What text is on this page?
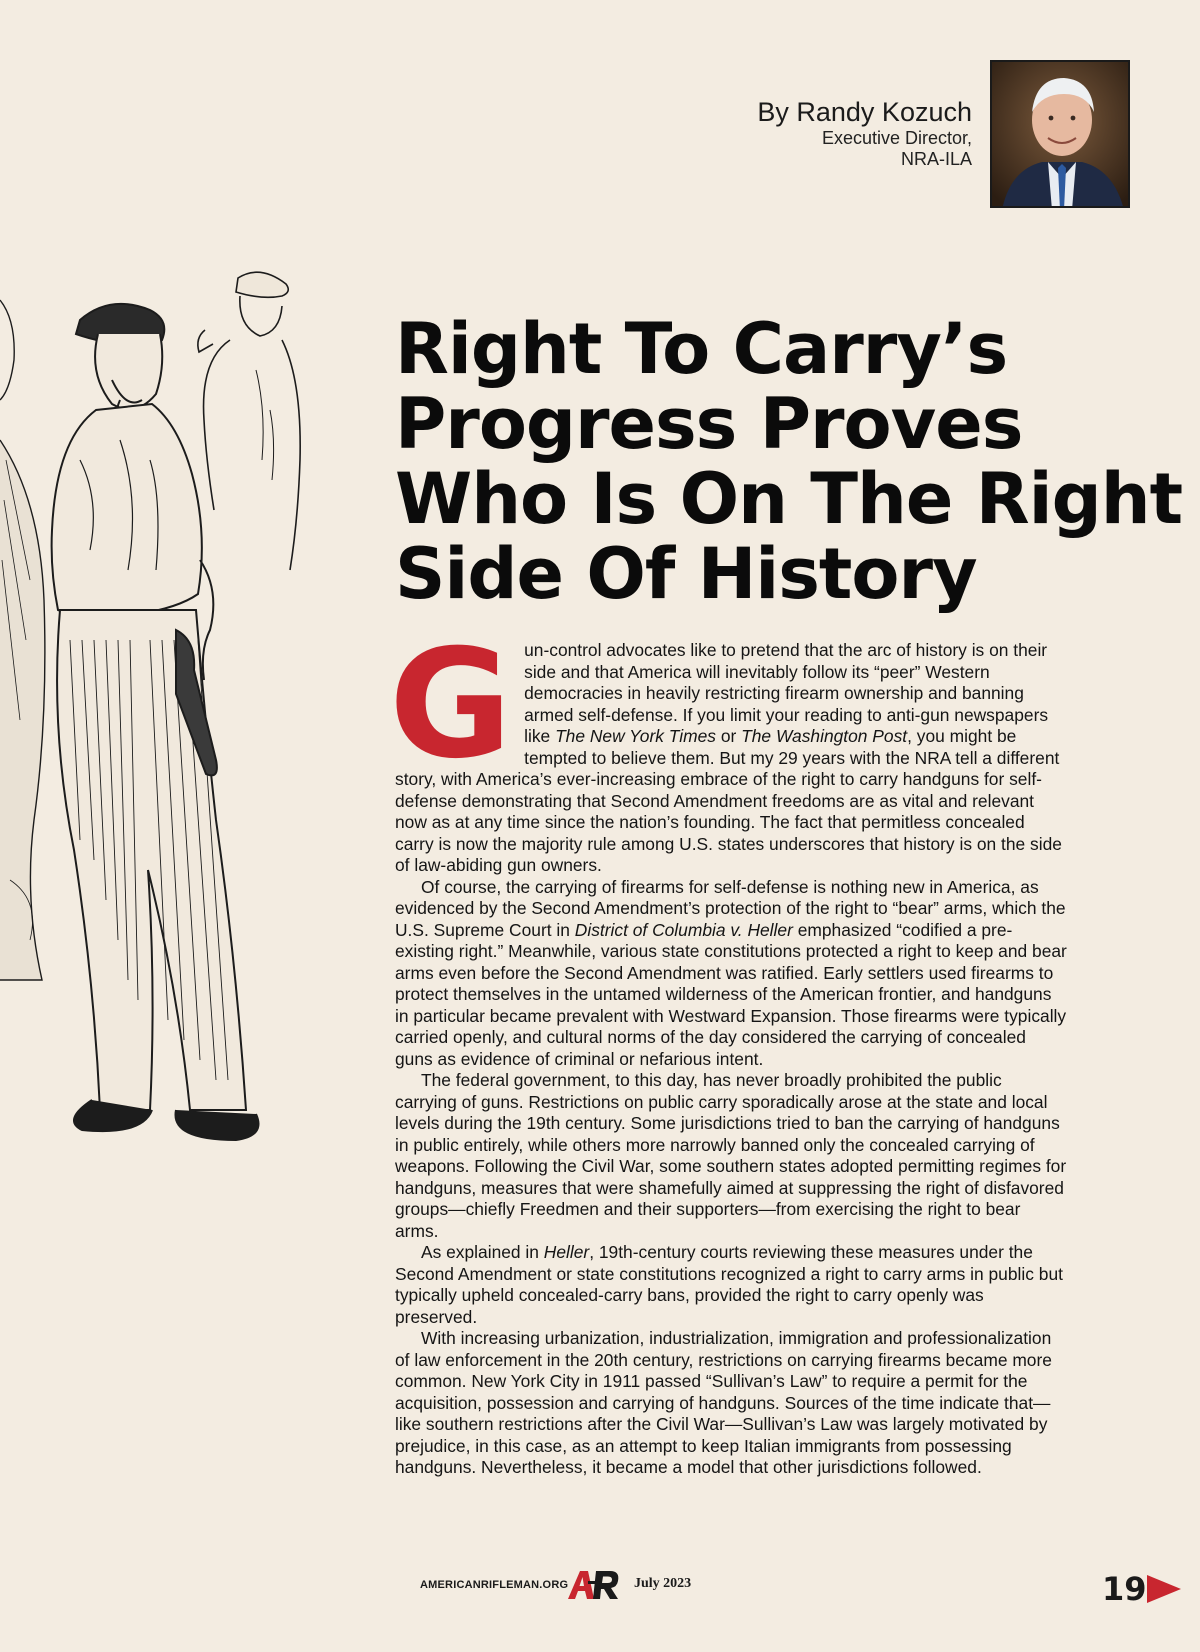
By Randy Kozuch
Executive Director,
NRA-ILA
Right To Carry’s Progress Proves Who Is On The Right Side Of History

Gun-control advocates like to pretend that the arc of history is on their side and that America will inevitably follow its “peer” Western democracies in heavily restricting firearm ownership and banning armed self-defense. If you limit your reading to anti-gun newspapers like The New York Times or The Washington Post, you might be tempted to believe them. But my 29 years with the NRA tell a different story, with America’s ever-increasing embrace of the right to carry handguns for self-defense demonstrating that Second Amendment freedoms are as vital and relevant now as at any time since the nation’s founding. The fact that permitless concealed carry is now the majority rule among U.S. states underscores that history is on the side of law-abiding gun owners.

Of course, the carrying of firearms for self-defense is nothing new in America, as evidenced by the Second Amendment’s protection of the right to “bear” arms, which the U.S. Supreme Court in District of Columbia v. Heller emphasized “codified a pre-existing right.” Meanwhile, various state constitutions protected a right to keep and bear arms even before the Second Amendment was ratified. Early settlers used firearms to protect themselves in the untamed wilderness of the American frontier, and handguns in particular became prevalent with Westward Expansion. Those firearms were typically carried openly, and cultural norms of the day considered the carrying of concealed guns as evidence of criminal or nefarious intent.

The federal government, to this day, has never broadly prohibited the public carrying of guns. Restrictions on public carry sporadically arose at the state and local levels during the 19th century. Some jurisdictions tried to ban the carrying of handguns in public entirely, while others more narrowly banned only the concealed carrying of weapons. Following the Civil War, some southern states adopted permitting regimes for handguns, measures that were shamefully aimed at suppressing the right of disfavored groups—chiefly Freedmen and their supporters—from exercising the right to bear arms.

As explained in Heller, 19th-century courts reviewing these measures under the Second Amendment or state constitutions recognized a right to carry arms in public but typically upheld concealed-carry bans, provided the right to carry openly was preserved.

With increasing urbanization, industrialization, immigration and professionalization of law enforcement in the 20th century, restrictions on carrying firearms became more common. New York City in 1911 passed “Sullivan’s Law” to require a permit for the acquisition, possession and carrying of handguns. Sources of the time indicate that—like southern restrictions after the Civil War—Sullivan’s Law was largely motivated by prejudice, in this case, as an attempt to keep Italian immigrants from possessing handguns. Nevertheless, it became a model that other jurisdictions followed.

AMERICANRIFLEMAN.ORG	July 2023	19
